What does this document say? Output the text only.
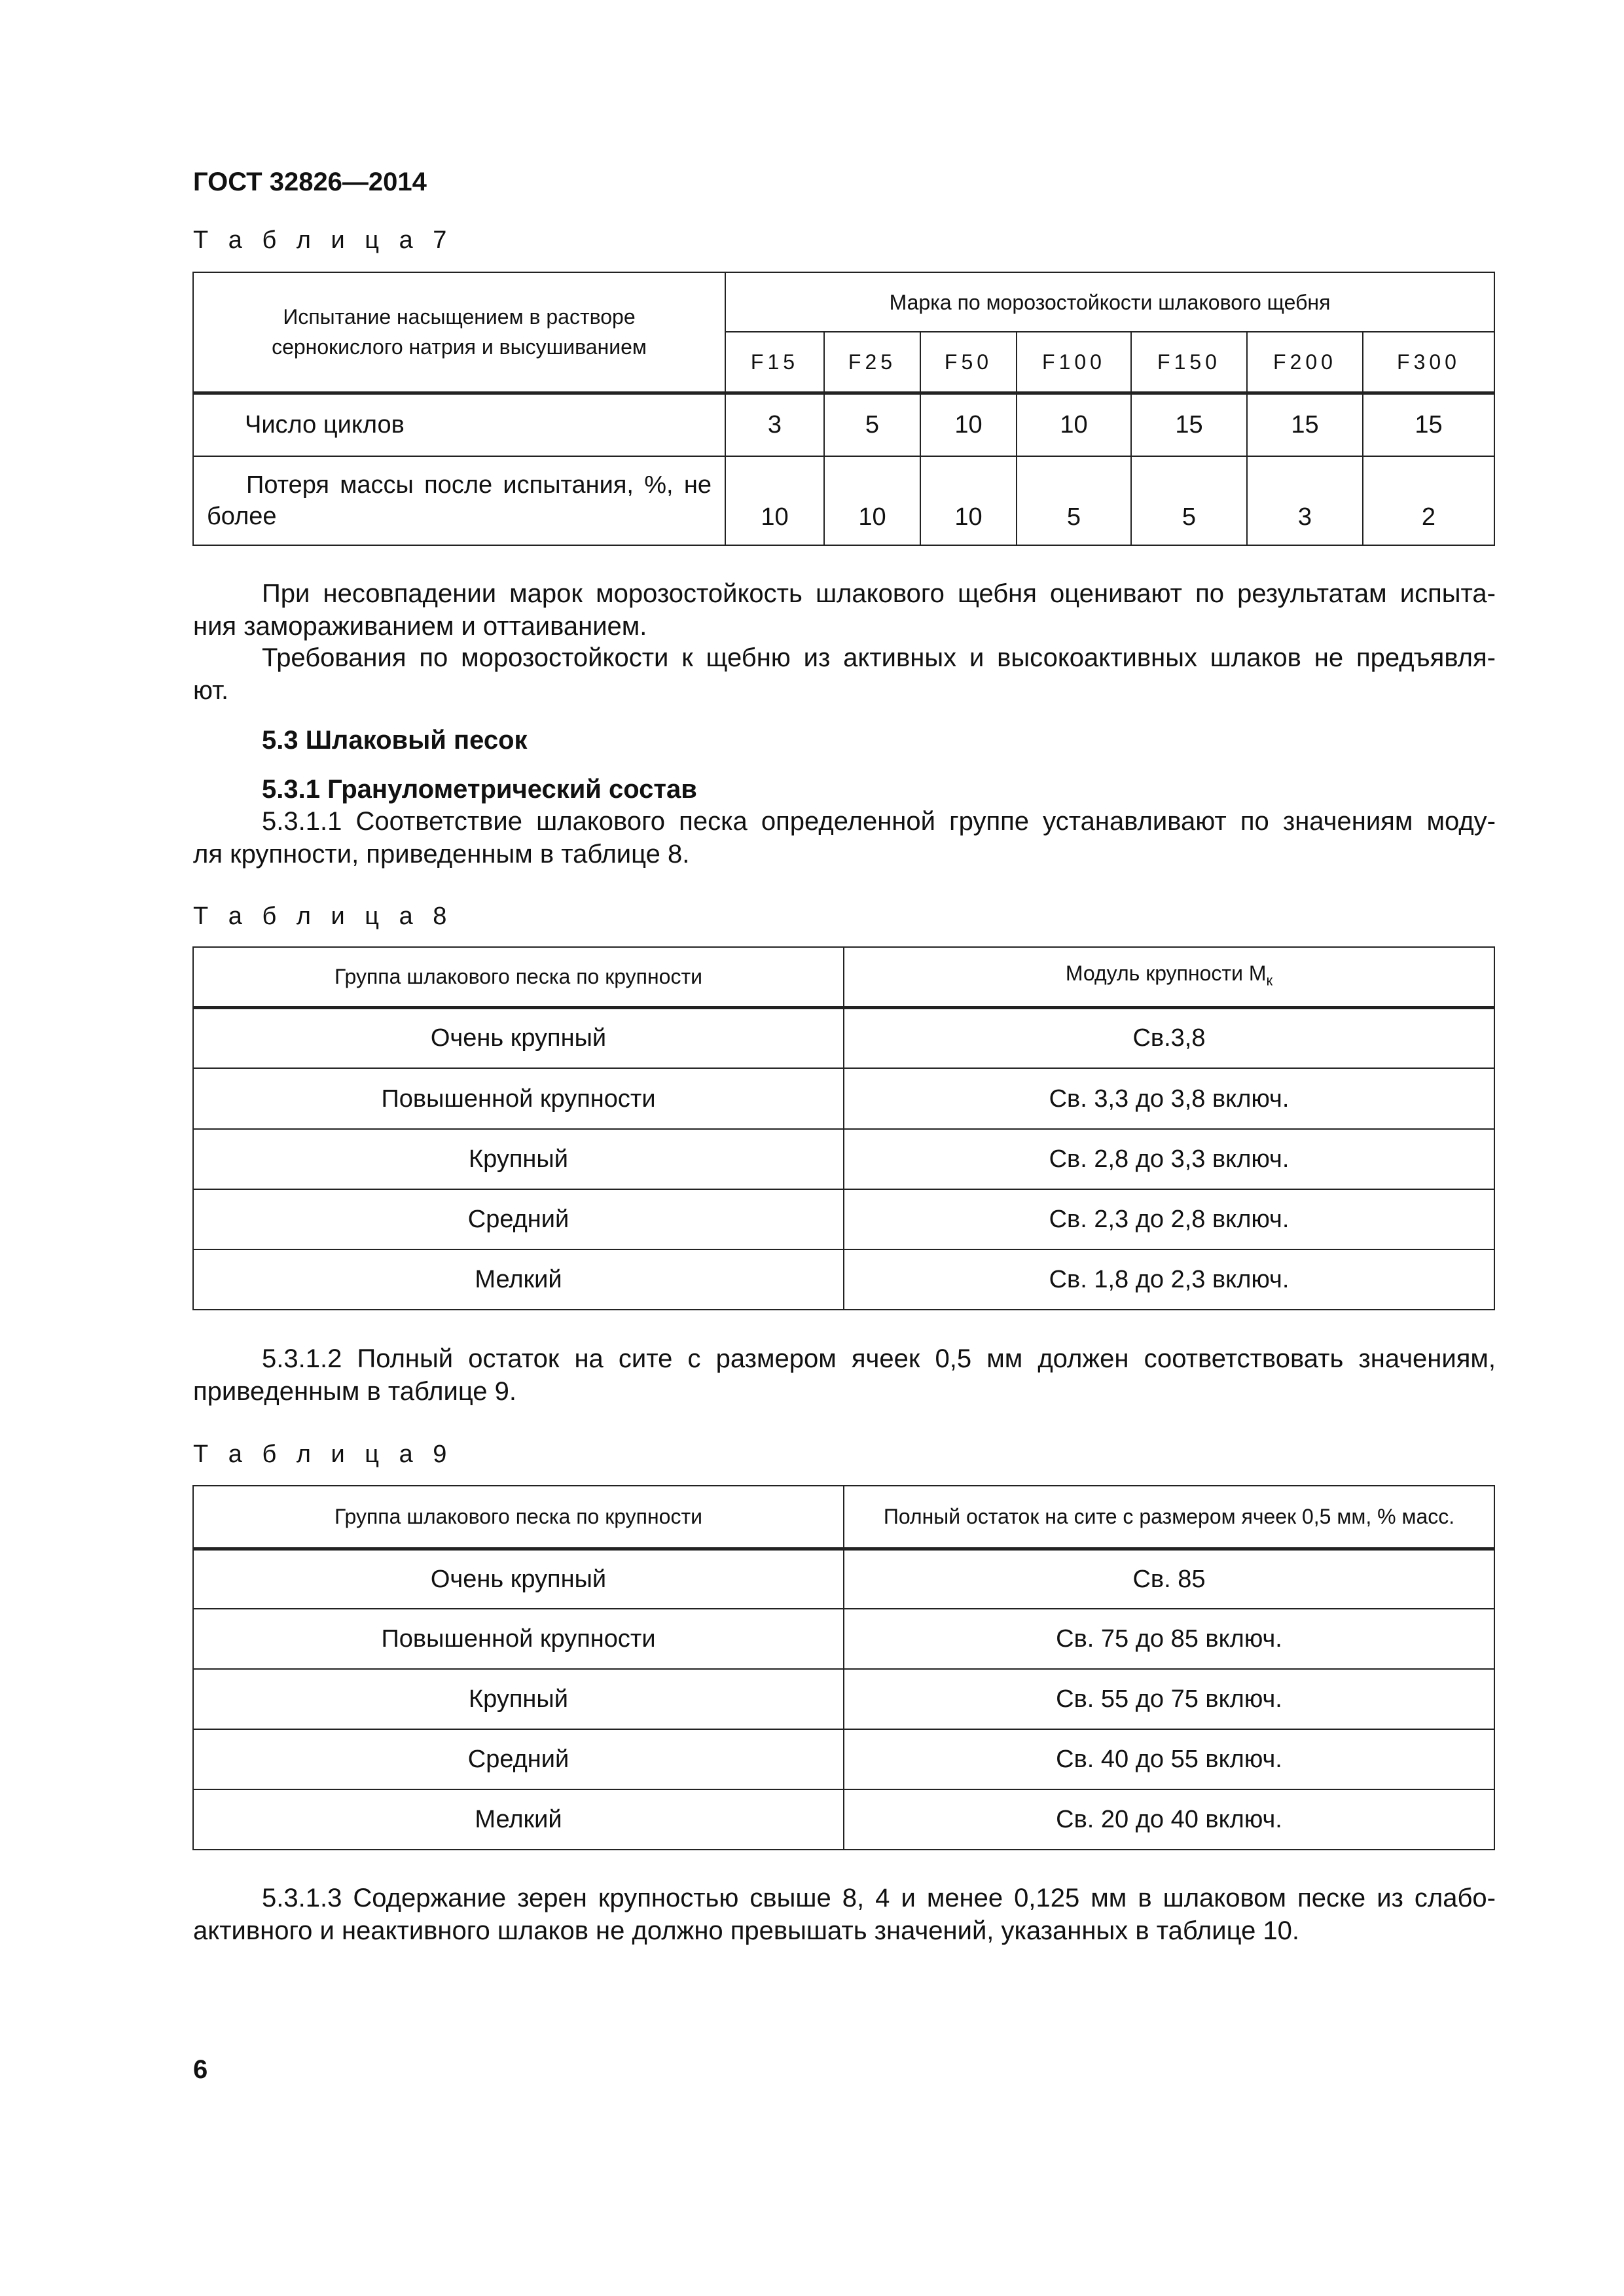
ГОСТ 32826—2014
Т а б л и ц а 7
Испытание насыщением в растворе
сернокислого натрия и высушиванием	Марка по морозостойкости шлакового щебня						
	F15	F25	F50	F100	F150	F200	F300
Число циклов	3	5	10	10	15	15	15

Потеря массы после испытания, %, не
более	10	10	10	5	5	3	2
При несовпадении марок морозостойкость шлакового щебня оценивают по результатам испыта-
ния замораживанием и оттаиванием.
Требования по морозостойкости к щебню из активных и высокоактивных шлаков не предъявля-
ют.
5.3 Шлаковый песок
5.3.1 Гранулометрический состав
5.3.1.1 Соответствие шлакового песка определенной группе устанавливают по значениям моду-
ля крупности, приведенным в таблице 8.
Т а б л и ц а 8
Группа шлакового песка по крупности	Модуль крупности $М_к$
Очень крупный	Св.3,8
Повышенной крупности	Св. 3,3 до 3,8 включ.
Крупный	Св. 2,8 до 3,3 включ.
Средний	Св. 2,3 до 2,8 включ.
Мелкий	Св. 1,8 до 2,3 включ.
5.3.1.2 Полный остаток на сите с размером ячеек 0,5 мм должен соответствовать значениям,
приведенным в таблице 9.
Т а б л и ц а 9
Группа шлакового песка по крупности	Полный остаток на сите с размером ячеек 0,5 мм, % масс.
Очень крупный	Св. 85
Повышенной крупности	Св. 75 до 85 включ.
Крупный	Св. 55 до 75 включ.
Средний	Св. 40 до 55 включ.
Мелкий	Св. 20 до 40 включ.
5.3.1.3 Содержание зерен крупностью свыше 8, 4 и менее 0,125 мм в шлаковом песке из слабо-
активного и неактивного шлаков не должно превышать значений, указанных в таблице 10.
6
